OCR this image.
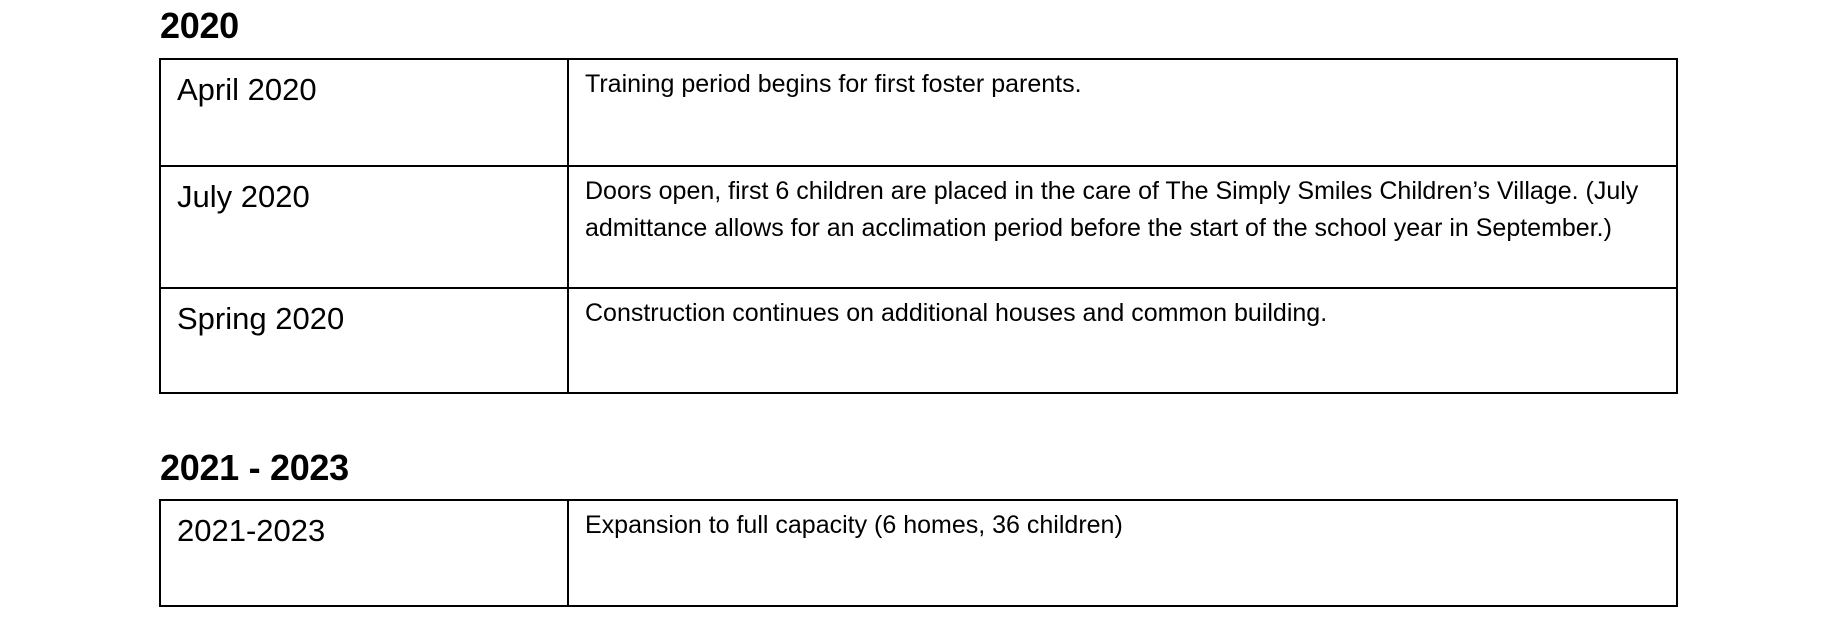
2020
April 2020	Training period begins for first foster parents.
July 2020	Doors open, first 6 children are placed in the care of The Simply Smiles Children’s Village. (July admittance allows for an acclimation period before the start of the school year in September.)
Spring 2020	Construction continues on additional houses and common building.
2021 - 2023
2021-2023	Expansion to full capacity (6 homes, 36 children)
